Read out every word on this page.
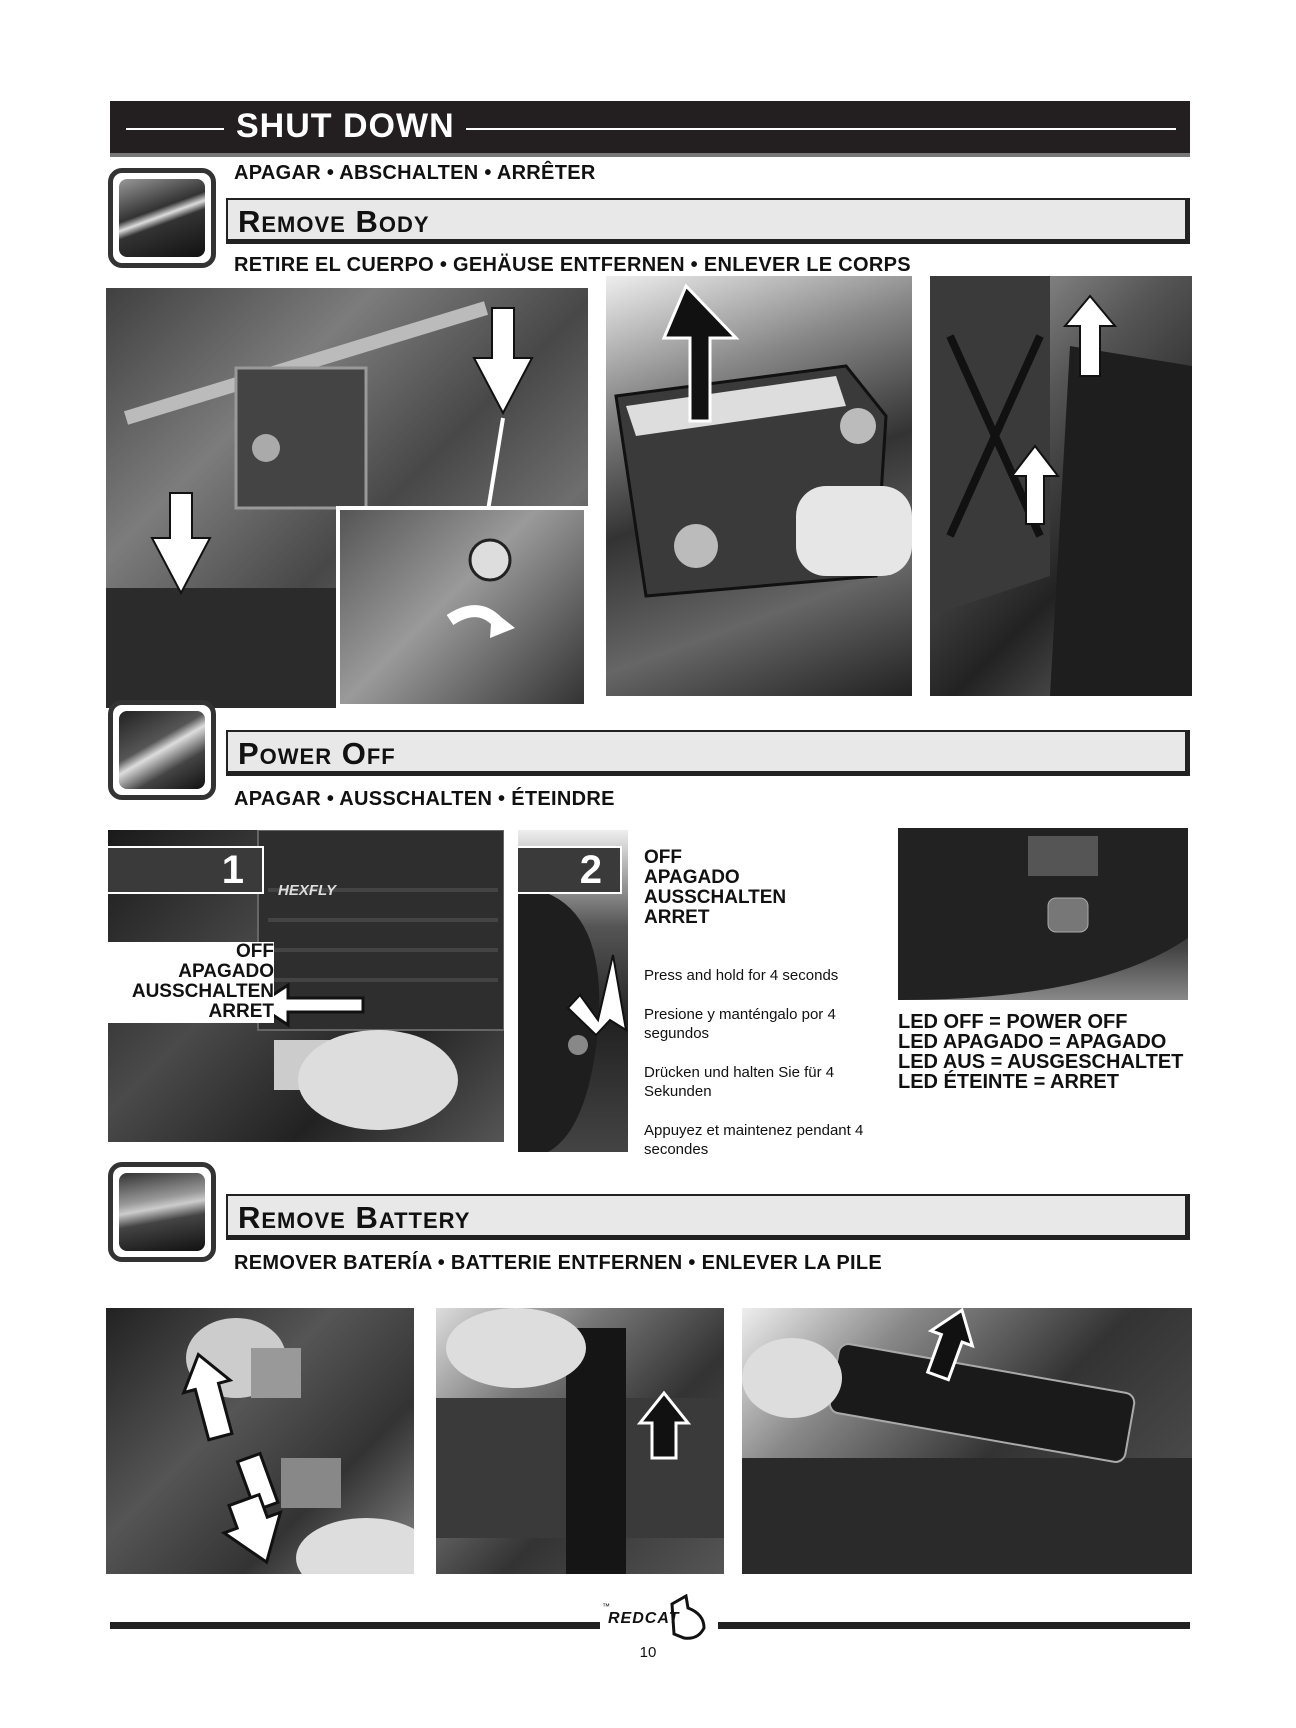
SHUT DOWN
APAGAR • ABSCHALTEN • ARRÊTER
Remove Body
RETIRE EL CUERPO • GEHÄUSE ENTFERNEN • ENLEVER LE CORPS
Power Off
APAGAR • AUSSCHALTEN • ÉTEINDRE
HEXFLY
1
OFF
APAGADO
AUSSCHALTEN
ARRET
2	OFF
APAGADO
AUSSCHALTEN
ARRET
Press and hold for 4 seconds
Presione y manténgalo por 4 segundos
Drücken und halten Sie für 4 Sekunden
Appuyez et maintenez pendant 4 secondes
LED OFF = POWER OFF
LED APAGADO = APAGADO
LED AUS = AUSGESCHALTET
LED ÉTEINTE = ARRET
Remove Battery
REMOVER BATERÍA • BATTERIE ENTFERNEN • ENLEVER LA PILE
™
REDCAT
10
